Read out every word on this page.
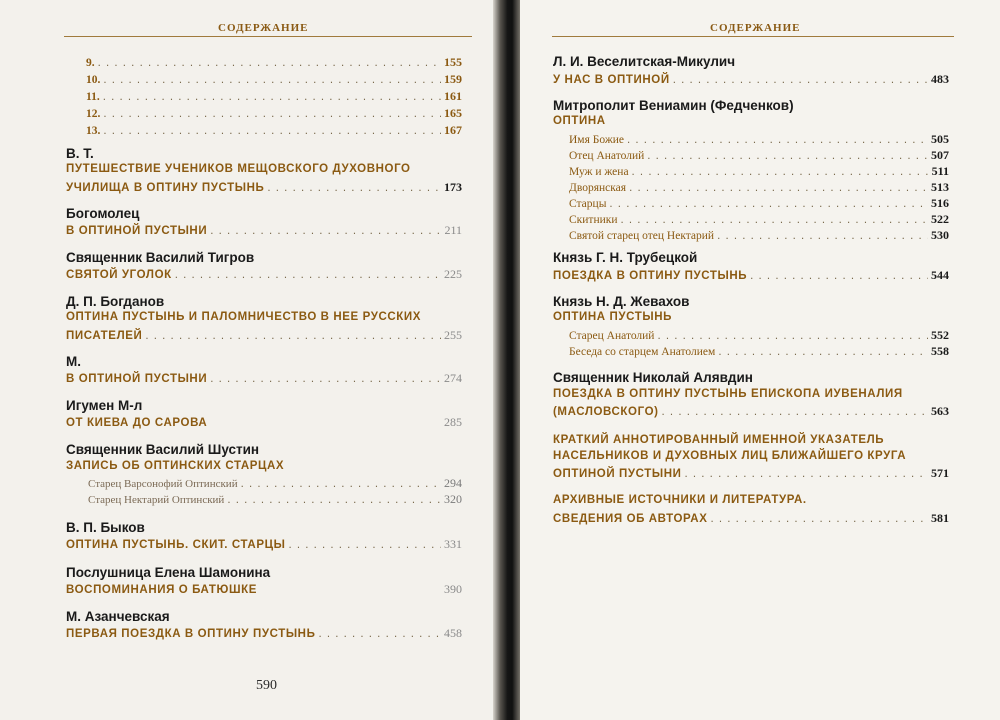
СОДЕРЖАНИЕ
9. . . .	155
10. . . .	159
11. . . .	161
12. . . .	165
13. . . .	167
В. Т.
ПУТЕШЕСТВИЕ УЧЕНИКОВ МЕЩОВСКОГО ДУХОВНОГО
УЧИЛИЩА В ОПТИНУ ПУСТЫНЬ . . .	173
Богомолец
В ОПТИНОЙ ПУСТЫНИ . . .	211
Священник Василий Тигров
СВЯТОЙ УГОЛОК . . .	225
Д. П. Богданов
ОПТИНА ПУСТЫНЬ И ПАЛОМНИЧЕСТВО В НЕЕ РУССКИХ
ПИСАТЕЛЕЙ . . .	255
М.
В ОПТИНОЙ ПУСТЫНИ . . .	274
Игумен М-л
ОТ КИЕВА ДО САРОВА	285
Священник Василий Шустин
ЗАПИСЬ ОБ ОПТИНСКИХ СТАРЦАХ
Старец Варсонофий Оптинский . . .	294
Старец Нектарий Оптинский . . .	320
В. П. Быков
ОПТИНА ПУСТЫНЬ. СКИТ. СТАРЦЫ . . .	331
Послушница Елена Шамонина
ВОСПОМИНАНИЯ О БАТЮШКЕ	390
М. Азанчевская
ПЕРВАЯ ПОЕЗДКА В ОПТИНУ ПУСТЫНЬ . . .	458
590
СОДЕРЖАНИЕ
Л. И. Веселитская-Микулич
У НАС В ОПТИНОЙ . . .	483
Митрополит Вениамин (Федченков)
ОПТИНА
Имя Божие . . .	505
Отец Анатолий . . .	507
Муж и жена . . .	511
Дворянская . . .	513
Старцы . . .	516
Скитники . . .	522
Святой старец отец Нектарий . . .	530
Князь Г. Н. Трубецкой
ПОЕЗДКА В ОПТИНУ ПУСТЫНЬ . . .	544
Князь Н. Д. Жевахов
ОПТИНА ПУСТЫНЬ
Старец Анатолий . . .	552
Беседа со старцем Анатолием . . .	558
Священник Николай Алявдин
ПОЕЗДКА В ОПТИНУ ПУСТЫНЬ ЕПИСКОПА ИУВЕНАЛИЯ
(МАСЛОВСКОГО) . . .	563
КРАТКИЙ АННОТИРОВАННЫЙ ИМЕННОЙ УКАЗАТЕЛЬ
НАСЕЛЬНИКОВ И ДУХОВНЫХ ЛИЦ БЛИЖАЙШЕГО КРУГА
ОПТИНОЙ ПУСТЫНИ . . .	571
АРХИВНЫЕ ИСТОЧНИКИ И ЛИТЕРАТУРА.
СВЕДЕНИЯ ОБ АВТОРАХ . . .	581
